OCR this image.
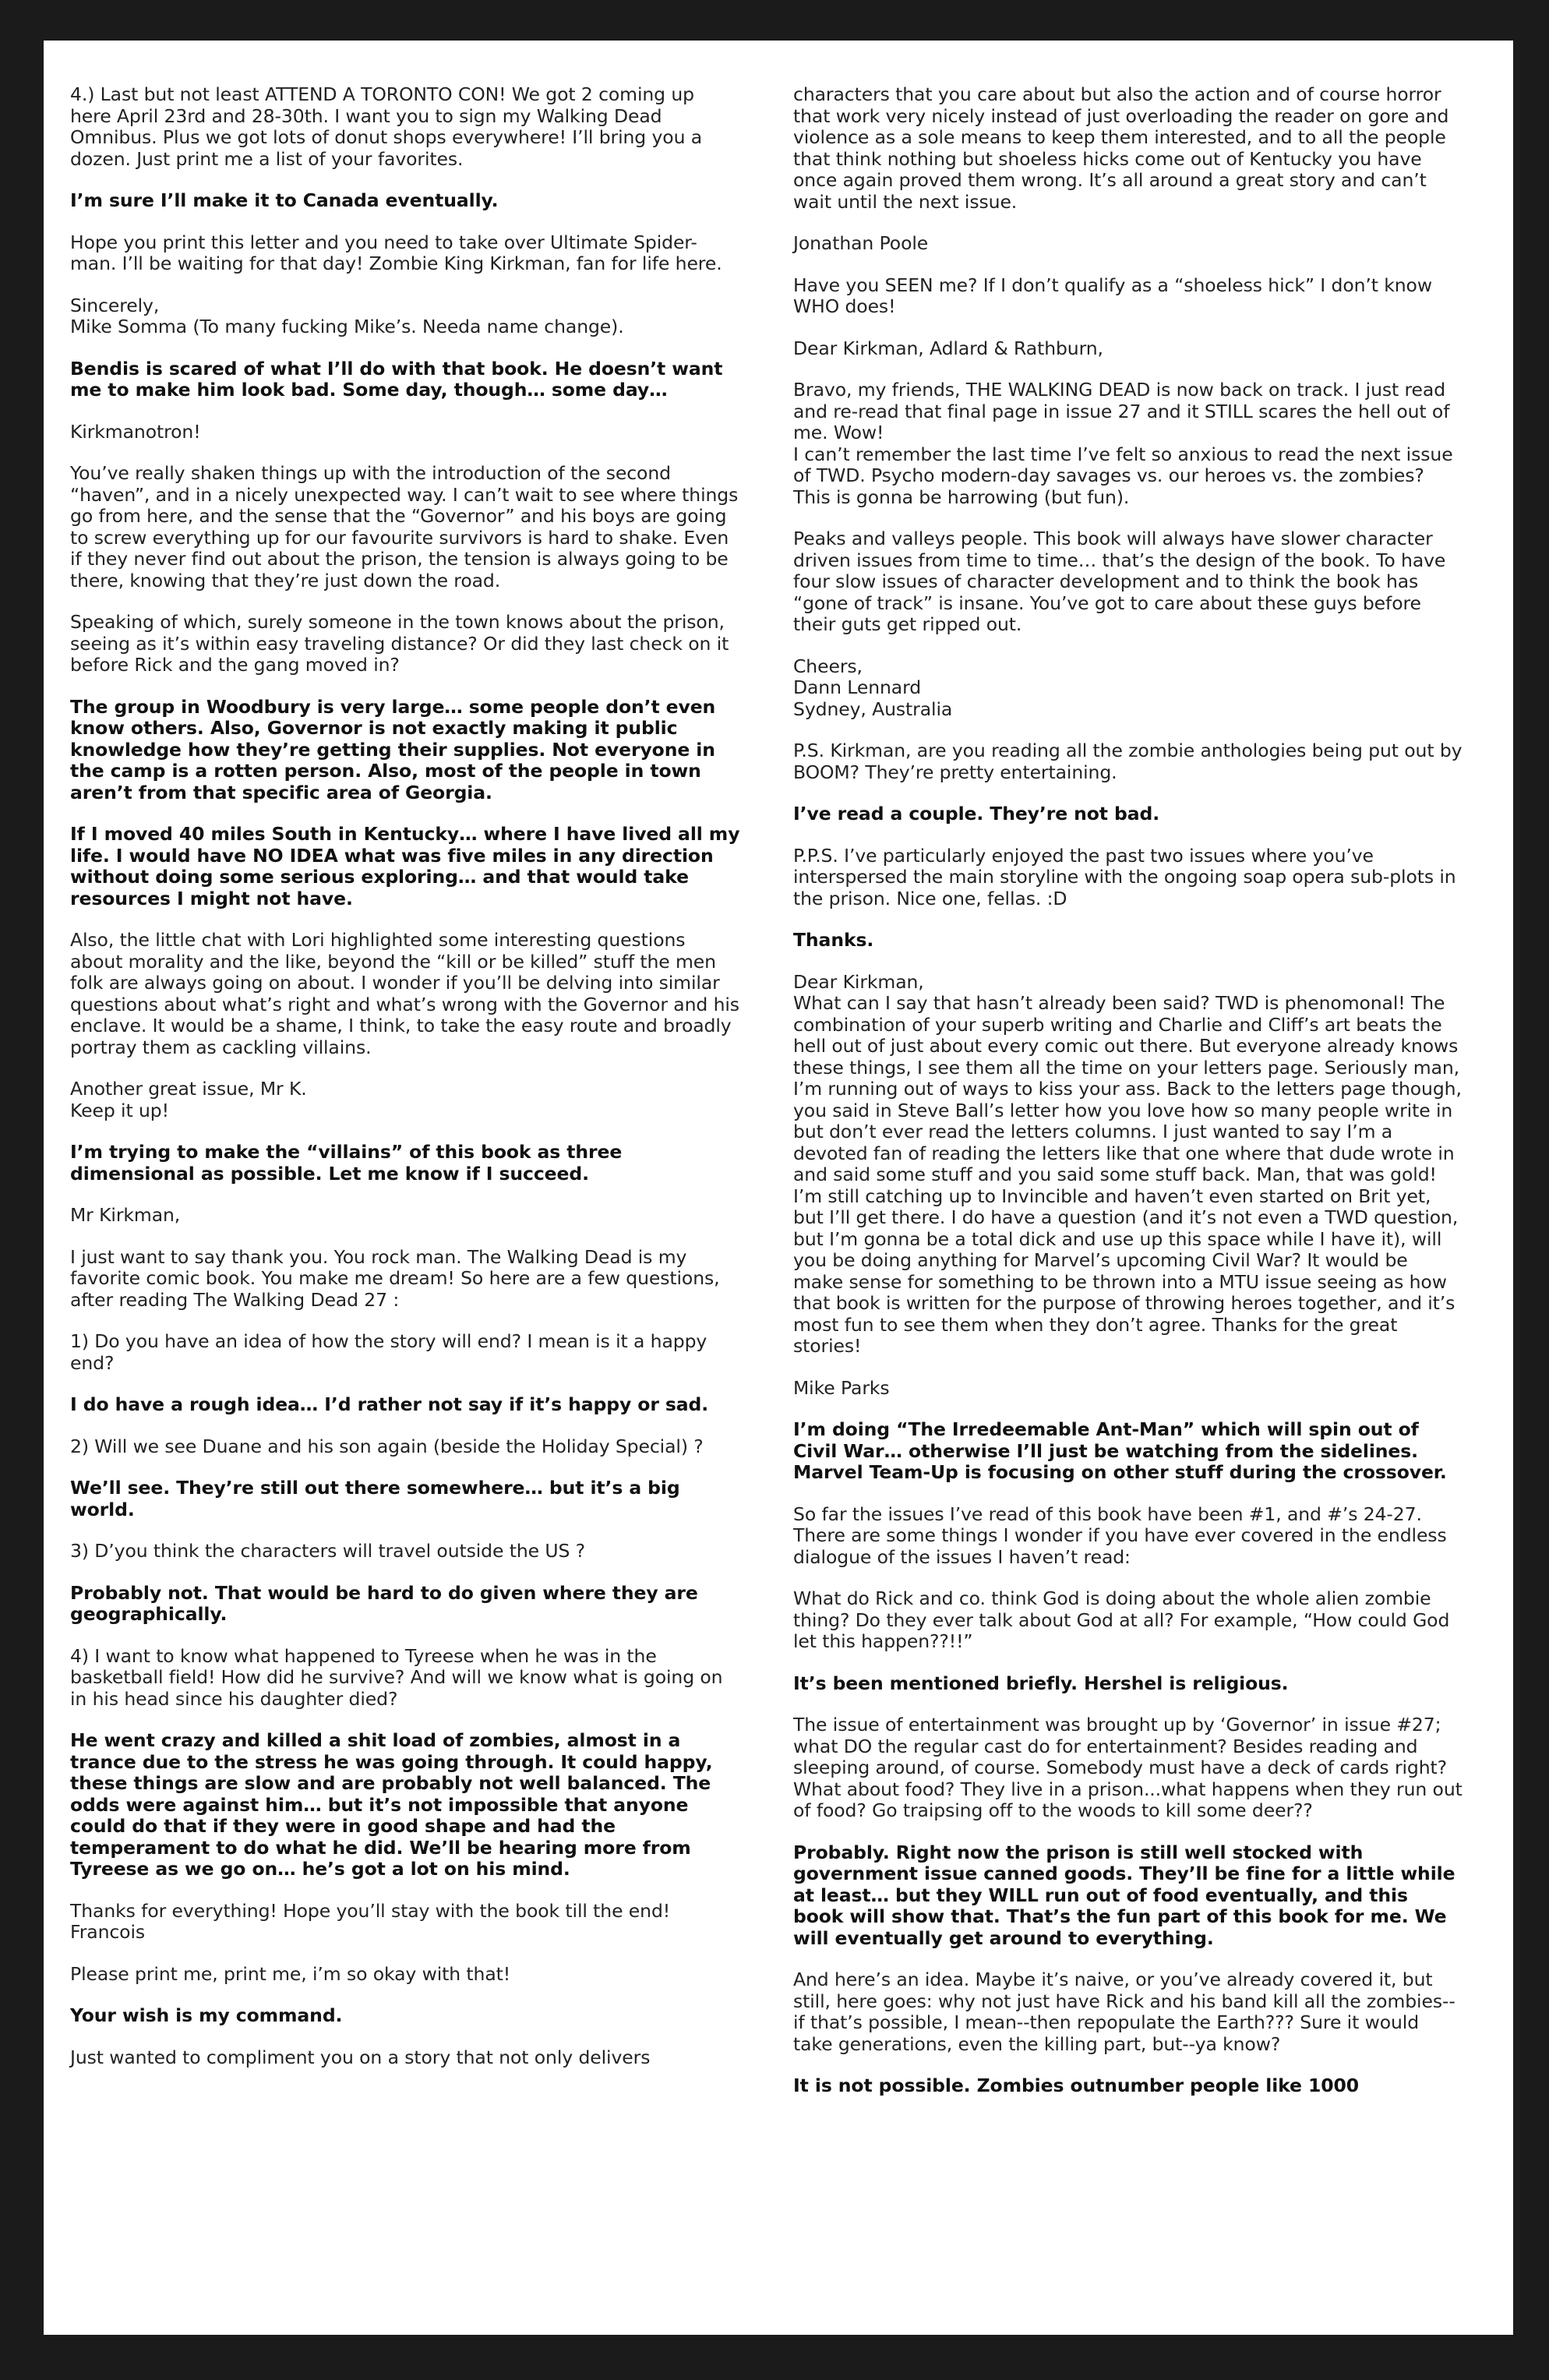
4.) Last but not least ATTEND A TORONTO CON! We got 2 coming up here April 23rd and 28-30th. I want you to sign my Walking Dead Omnibus. Plus we got lots of donut shops everywhere! I’ll bring you a dozen. Just print me a list of your favorites.

I’m sure I’ll make it to Canada eventually.

Hope you print this letter and you need to take over Ultimate Spider-man. I’ll be waiting for that day! Zombie King Kirkman, fan for life here.

Sincerely,
Mike Somma (To many fucking Mike’s. Needa name change).

Bendis is scared of what I’ll do with that book. He doesn’t want me to make him look bad. Some day, though… some day…

Kirkmanotron!

You’ve really shaken things up with the introduction of the second “haven”, and in a nicely unexpected way. I can’t wait to see where things go from here, and the sense that the “Governor” and his boys are going to screw everything up for our favourite survivors is hard to shake. Even if they never find out about the prison, the tension is always going to be there, knowing that they’re just down the road.

Speaking of which, surely someone in the town knows about the prison, seeing as it’s within easy traveling distance? Or did they last check on it before Rick and the gang moved in?

The group in Woodbury is very large… some people don’t even know others. Also, Governor is not exactly making it public knowledge how they’re getting their supplies. Not everyone in the camp is a rotten person. Also, most of the people in town aren’t from that specific area of Georgia.

If I moved 40 miles South in Kentucky… where I have lived all my life. I would have NO IDEA what was five miles in any direction without doing some serious exploring… and that would take resources I might not have.

Also, the little chat with Lori highlighted some interesting questions about morality and the like, beyond the “kill or be killed” stuff the men folk are always going on about. I wonder if you’ll be delving into similar questions about what’s right and what’s wrong with the Governor and his enclave. It would be a shame, I think, to take the easy route and broadly portray them as cackling villains.

Another great issue, Mr K.
Keep it up!

I’m trying to make the “villains” of this book as three dimensional as possible. Let me know if I succeed.

Mr Kirkman,

I just want to say thank you. You rock man. The Walking Dead is my favorite comic book. You make me dream! So here are a few questions, after reading The Walking Dead 27 :

1) Do you have an idea of how the story will end? I mean is it a happy end?

I do have a rough idea… I’d rather not say if it’s happy or sad.

2) Will we see Duane and his son again (beside the Holiday Special) ?

We’ll see. They’re still out there somewhere… but it’s a big world.

3) D’you think the characters will travel outside the US ?

Probably not. That would be hard to do given where they are geographically.

4) I want to know what happened to Tyreese when he was in the basketball field! How did he survive? And will we know what is going on in his head since his daughter died?

He went crazy and killed a shit load of zombies, almost in a trance due to the stress he was going through. It could happy, these things are slow and are probably not well balanced. The odds were against him… but it’s not impossible that anyone could do that if they were in good shape and had the temperament to do what he did. We’ll be hearing more from Tyreese as we go on… he’s got a lot on his mind.

Thanks for everything! Hope you’ll stay with the book till the end!
Francois

Please print me, print me, i’m so okay with that!

Your wish is my command.

Just wanted to compliment you on a story that not only delivers

characters that you care about but also the action and of course horror that work very nicely instead of just overloading the reader on gore and violence as a sole means to keep them interested, and to all the people that think nothing but shoeless hicks come out of Kentucky you have once again proved them wrong. It’s all around a great story and can’t wait until the next issue.

Jonathan Poole

Have you SEEN me? If I don’t qualify as a “shoeless hick” I don’t know WHO does!

Dear Kirkman, Adlard & Rathburn,

Bravo, my friends, THE WALKING DEAD is now back on track. I just read and re-read that final page in issue 27 and it STILL scares the hell out of me. Wow!
I can’t remember the last time I’ve felt so anxious to read the next issue of TWD. Psycho modern-day savages vs. our heroes vs. the zombies? This is gonna be harrowing (but fun).

Peaks and valleys people. This book will always have slower character driven issues from time to time… that’s the design of the book. To have four slow issues of character development and to think the book has “gone of track” is insane. You’ve got to care about these guys before their guts get ripped out.

Cheers,
Dann Lennard
Sydney, Australia

P.S. Kirkman, are you reading all the zombie anthologies being put out by BOOM? They’re pretty entertaining.

I’ve read a couple. They’re not bad.

P.P.S. I’ve particularly enjoyed the past two issues where you’ve interspersed the main storyline with the ongoing soap opera sub-plots in the prison. Nice one, fellas. :D

Thanks.

Dear Kirkman,
What can I say that hasn’t already been said? TWD is phenomonal! The combination of your superb writing and Charlie and Cliff’s art beats the hell out of just about every comic out there. But everyone already knows these things, I see them all the time on your letters page. Seriously man, I’m running out of ways to kiss your ass. Back to the letters page though, you said in Steve Ball’s letter how you love how so many people write in but don’t ever read the letters columns. I just wanted to say I’m a devoted fan of reading the letters like that one where that dude wrote in and said some stuff and you said some stuff back. Man, that was gold! I’m still catching up to Invincible and haven’t even started on Brit yet, but I’ll get there. I do have a question (and it’s not even a TWD question, but I’m gonna be a total dick and use up this space while I have it), will you be doing anything for Marvel’s upcoming Civil War? It would be make sense for something to be thrown into a MTU issue seeing as how that book is written for the purpose of throwing heroes together, and it’s most fun to see them when they don’t agree. Thanks for the great stories!

Mike Parks

I’m doing “The Irredeemable Ant-Man” which will spin out of Civil War… otherwise I’ll just be watching from the sidelines. Marvel Team-Up is focusing on other stuff during the crossover.

So far the issues I’ve read of this book have been #1, and #’s 24-27. There are some things I wonder if you have ever covered in the endless dialogue of the issues I haven’t read:

What do Rick and co. think God is doing about the whole alien zombie thing? Do they ever talk about God at all? For example, “How could God let this happen??!!”

It’s been mentioned briefly. Hershel is religious.

The issue of entertainment was brought up by ‘Governor’ in issue #27; what DO the regular cast do for entertainment? Besides reading and sleeping around, of course. Somebody must have a deck of cards right? What about food? They live in a prison...what happens when they run out of food? Go traipsing off to the woods to kill some deer??

Probably. Right now the prison is still well stocked with government issue canned goods. They’ll be fine for a little while at least… but they WILL run out of food eventually, and this book will show that. That’s the fun part of this book for me. We will eventually get around to everything.

And here’s an idea. Maybe it’s naive, or you’ve already covered it, but still, here goes: why not just have Rick and his band kill all the zombies--if that’s possible, I mean--then repopulate the Earth??? Sure it would take generations, even the killing part, but--ya know?

It is not possible. Zombies outnumber people like 1000
